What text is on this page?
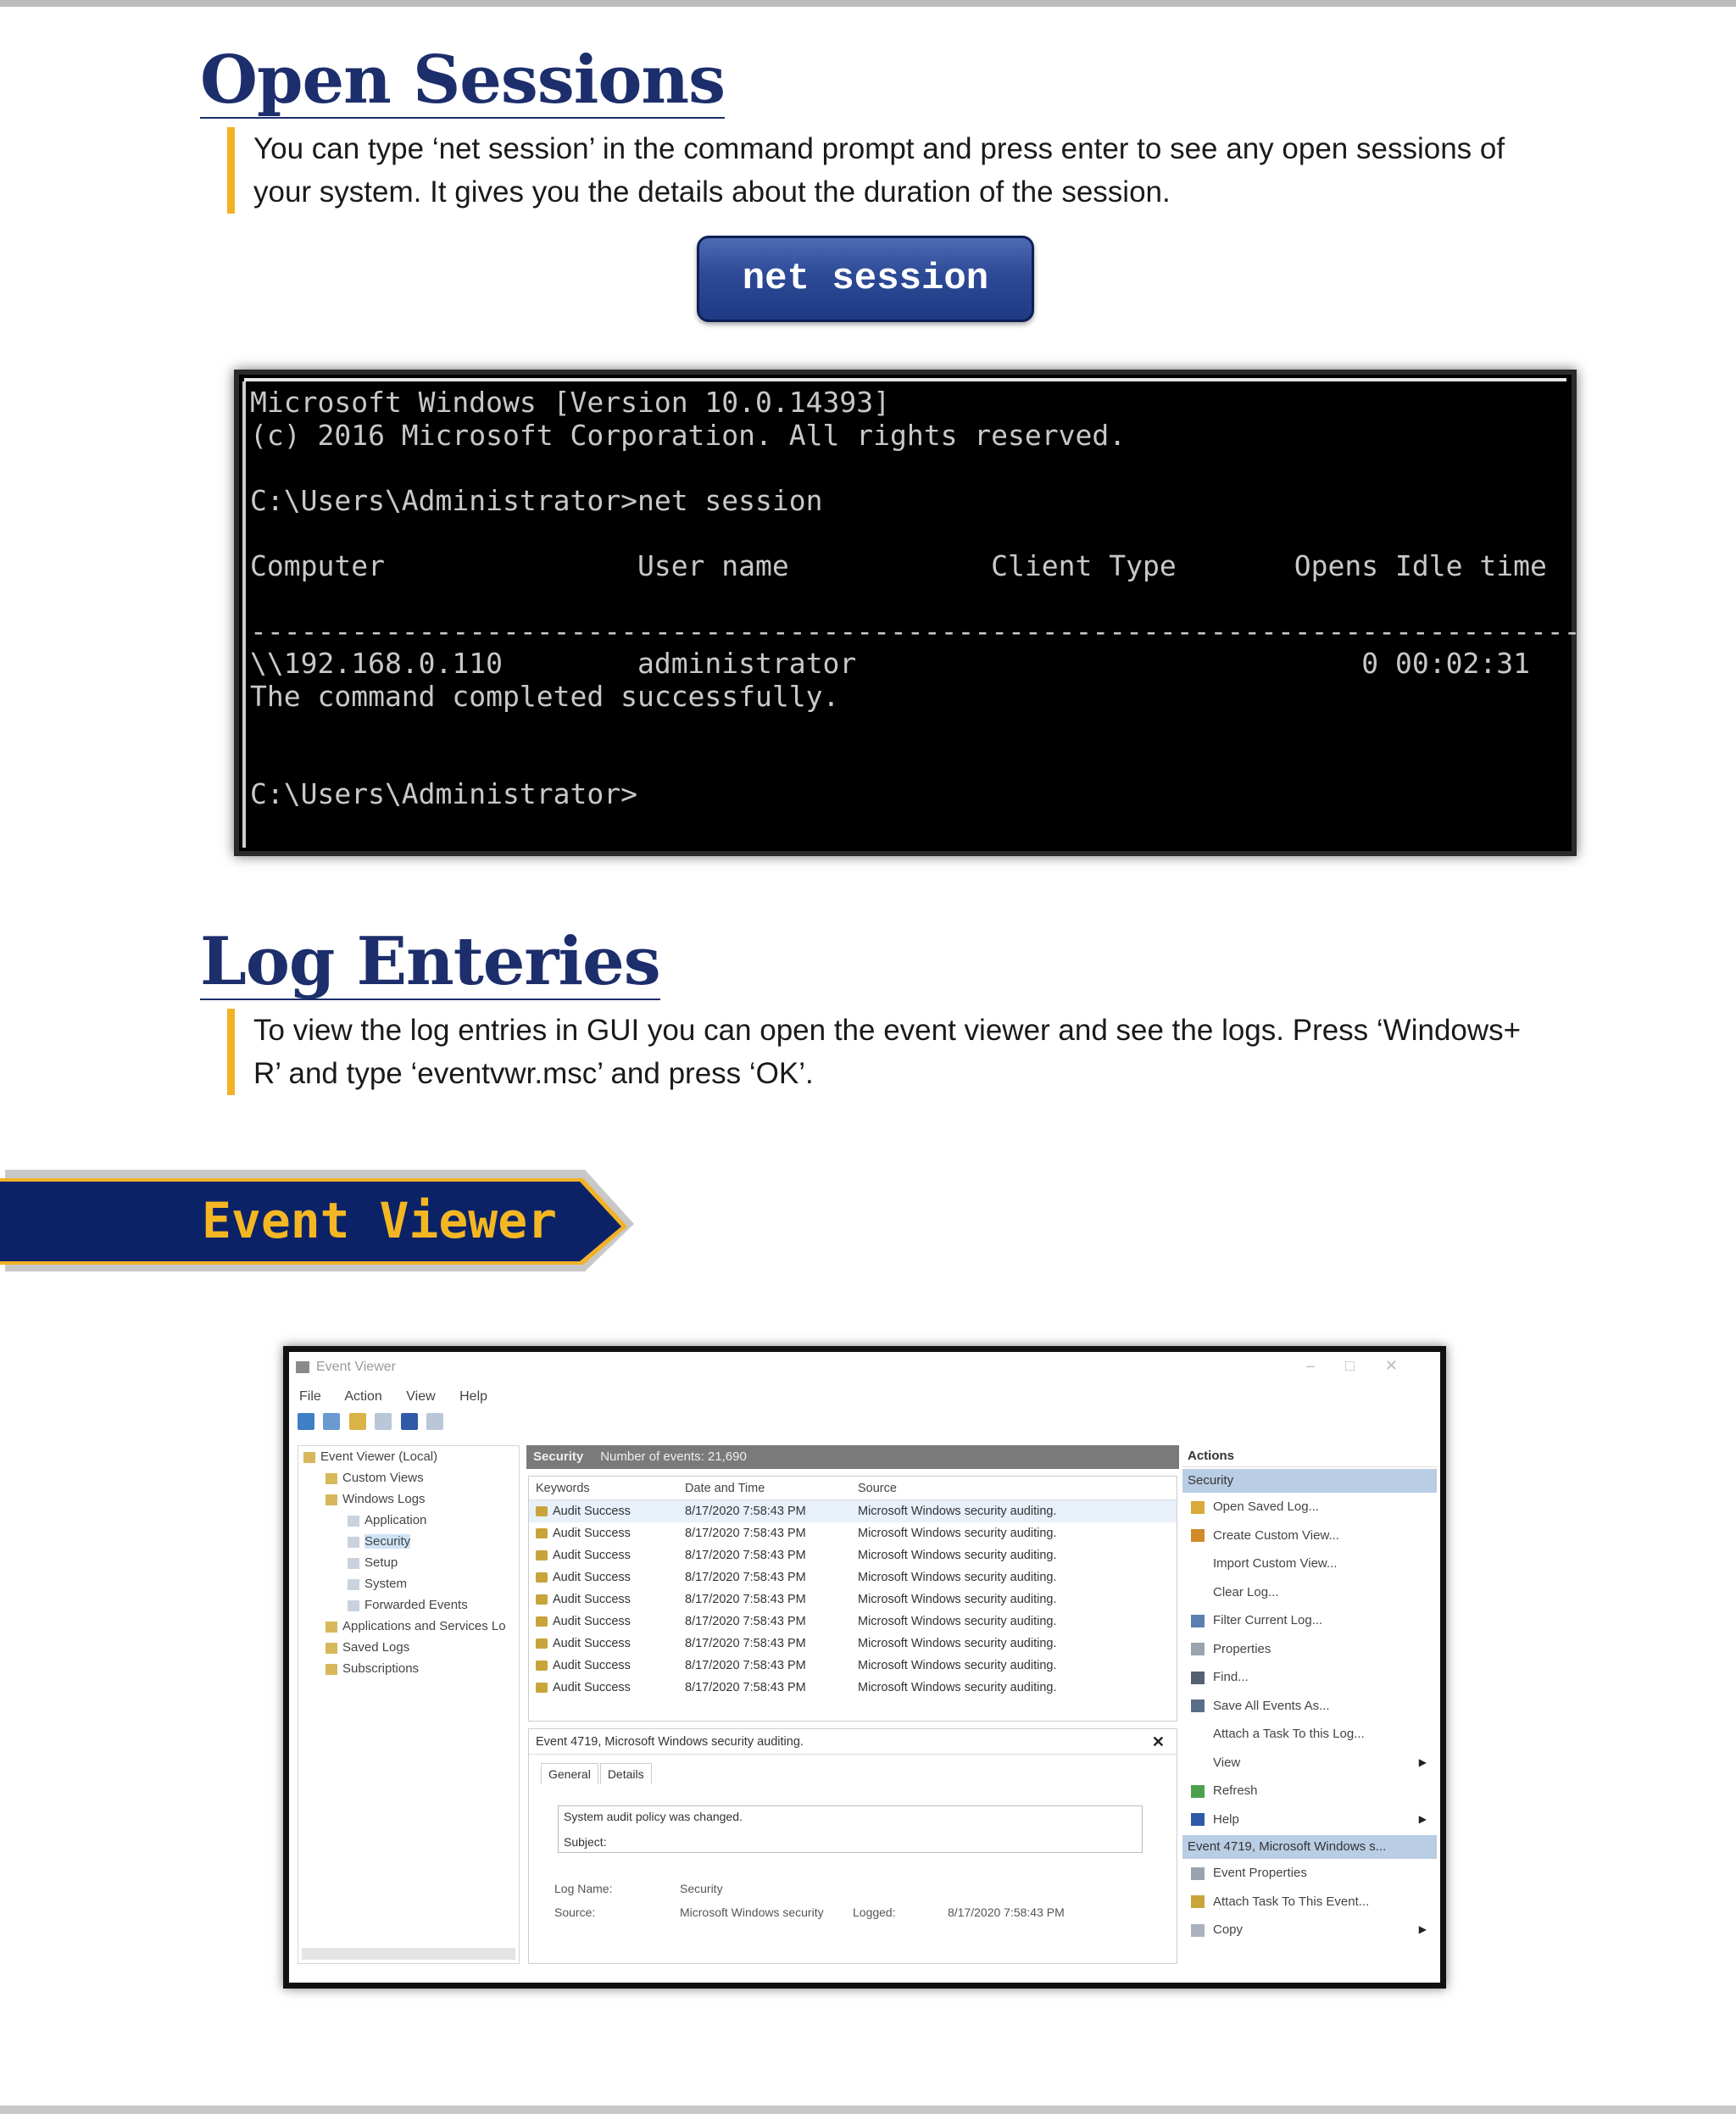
Open Sessions
You can type ‘net session’ in the command prompt and press enter to see any open sessions of
your system. It gives you the details about the duration of the session.
net session
Microsoft Windows [Version 10.0.14393]
(c) 2016 Microsoft Corporation. All rights reserved.

C:\Users\Administrator>net session

Computer               User name            Client Type       Opens Idle time

-------------------------------------------------------------------------------
\\192.168.0.110        administrator                              0 00:02:31
The command completed successfully.

C:\Users\Administrator>
Log Enteries
To view the log entries in GUI you can open the event viewer and see the logs. Press ‘Windows+
R’ and type ‘eventvwr.msc’ and press ‘OK’.
Event Viewer
Event Viewer	–□✕
File Action View Help

Event Viewer (Local)
Custom Views
Windows Logs
Application
Security
Setup
System
Forwarded Events
Applications and Services Lo
Saved Logs
Subscriptions
Security Number of events: 21,690
Keywords	Date and Time	Source
Audit Success	8/17/2020 7:58:43 PM	Microsoft Windows security auditing.
Audit Success	8/17/2020 7:58:43 PM	Microsoft Windows security auditing.
Audit Success	8/17/2020 7:58:43 PM	Microsoft Windows security auditing.
Audit Success	8/17/2020 7:58:43 PM	Microsoft Windows security auditing.
Audit Success	8/17/2020 7:58:43 PM	Microsoft Windows security auditing.
Audit Success	8/17/2020 7:58:43 PM	Microsoft Windows security auditing.
Audit Success	8/17/2020 7:58:43 PM	Microsoft Windows security auditing.
Audit Success	8/17/2020 7:58:43 PM	Microsoft Windows security auditing.
Audit Success	8/17/2020 7:58:43 PM	Microsoft Windows security auditing.
Event 4719, Microsoft Windows security auditing.	✕
General Details
System audit policy was changed.
Subject:
Log Name:	Security
Source:	Microsoft Windows security Logged:	8/17/2020 7:58:43 PM
Actions
Security
Open Saved Log...
Create Custom View...
Import Custom View...
Clear Log...
Filter Current Log...
Properties
Find...
Save All Events As...
Attach a Task To this Log...
View	▶
Refresh
Help	▶
Event 4719, Microsoft Windows s...
Event Properties
Attach Task To This Event...
Copy	▶
